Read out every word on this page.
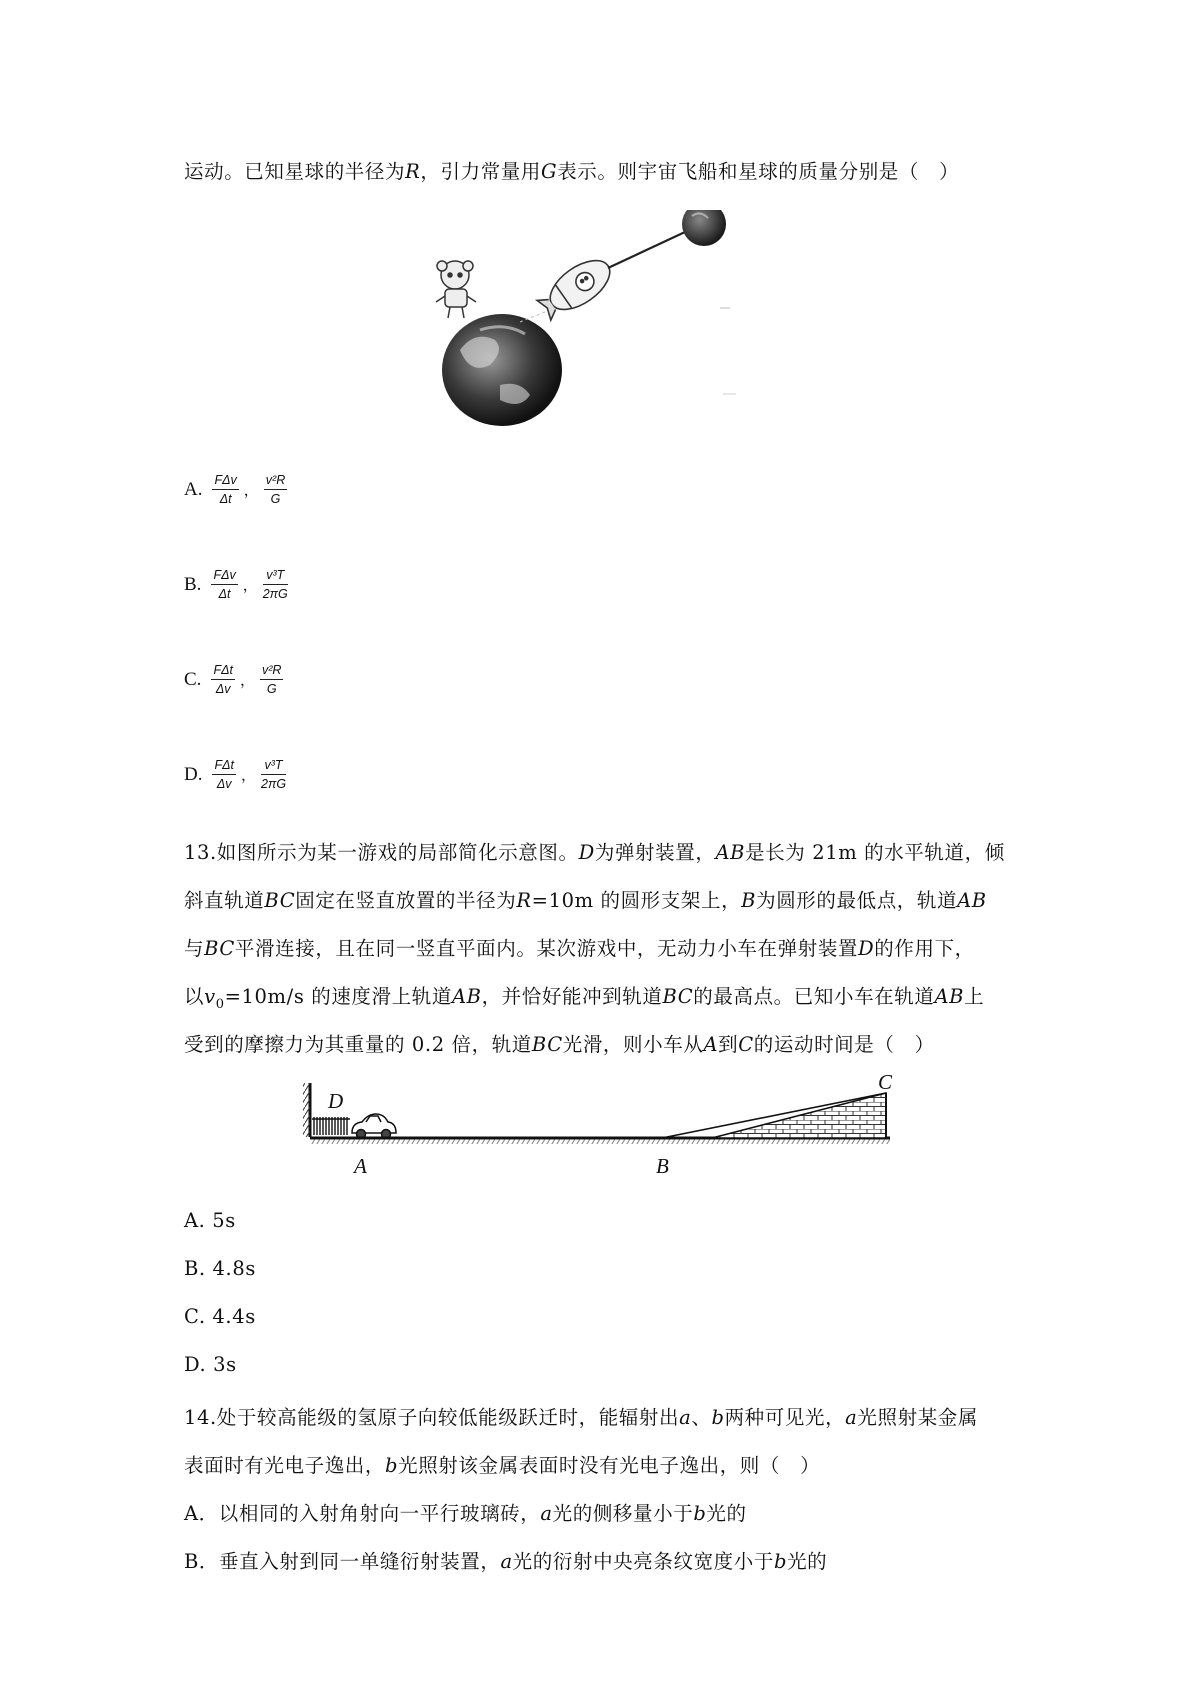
运动。已知星球的半径为R，引力常量用G表示。则宇宙飞船和星球的质量分别是（　）
A. $\frac{\text{FΔv}}{\Delta t}$ ， $\frac{\text{v²R}}{G}$
B. $\frac{\text{FΔv}}{\Delta t}$ ， $\frac{\text{v³T}}{2\pi G}$
C. $\frac{\text{FΔt}}{\Delta v}$ ， $\frac{\text{v²R}}{G}$
D. $\frac{\text{FΔt}}{\Delta v}$ ， $\frac{\text{v³T}}{2\pi G}$
13.如图所示为某一游戏的局部简化示意图。D为弹射装置，AB是长为 21m 的水平轨道，倾
斜直轨道BC固定在竖直放置的半径为R=10m 的圆形支架上，B为圆形的最低点，轨道AB
与BC平滑连接，且在同一竖直平面内。某次游戏中，无动力小车在弹射装置D的作用下，
以$v_0=10m/s$ 的速度滑上轨道AB，并恰好能冲到轨道BC的最高点。已知小车在轨道AB上
受到的摩擦力为其重量的 0.2 倍，轨道BC光滑，则小车从A到C的运动时间是（　）
D
A	B
C
A. 5s
B. 4.8s
C. 4.4s
D. 3s
14.处于较高能级的氢原子向较低能级跃迁时，能辐射出a、b两种可见光，a光照射某金属
表面时有光电子逸出，b光照射该金属表面时没有光电子逸出，则（　）
A．以相同的入射角射向一平行玻璃砖，a光的侧移量小于b光的
B．垂直入射到同一单缝衍射装置，a光的衍射中央亮条纹宽度小于b光的
